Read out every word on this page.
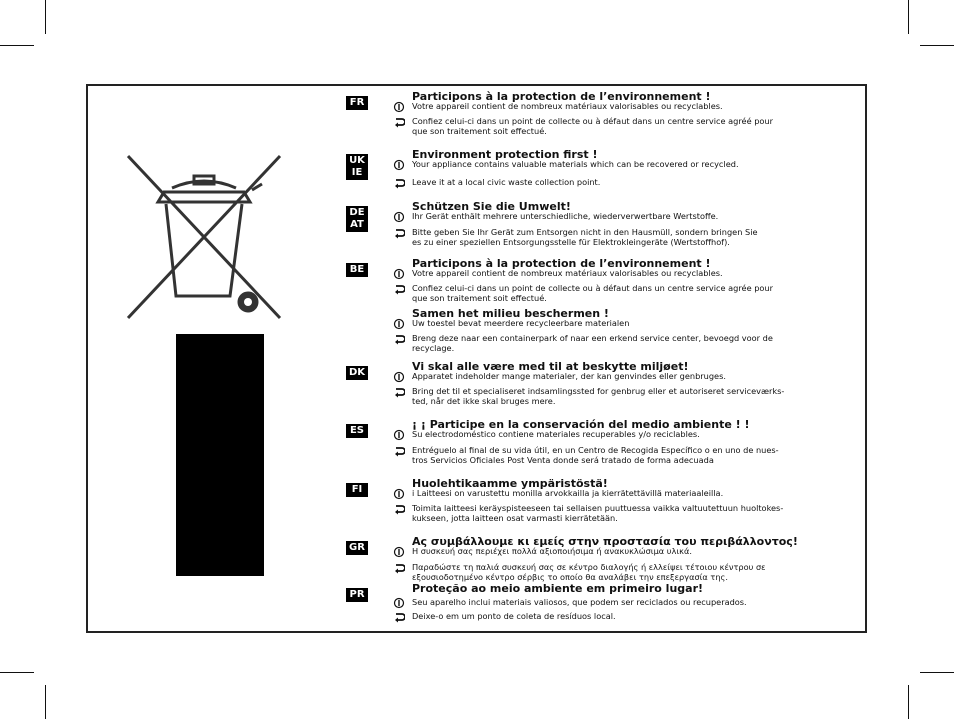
FR	Participons à la protection de l’environnement !
Votre appareil contient de nombreux matériaux valorisables ou recyclables.
Confiez celui-ci dans un point de collecte ou à défaut dans un centre service agréé pour
que son traitement soit effectué.
UK
IE
Environment protection first !
Your appliance contains valuable materials which can be recovered or recycled.
Leave it at a local civic waste collection point.
DE
AT
Schützen Sie die Umwelt!
Ihr Gerät enthält mehrere unterschiedliche, wiederverwertbare Wertstoffe.
Bitte geben Sie Ihr Gerät zum Entsorgen nicht in den Hausmüll, sondern bringen Sie
es zu einer speziellen Entsorgungsstelle für Elektrokleingeräte (Wertstoffhof).
BE	Participons à la protection de l’environnement !
Votre appareil contient de nombreux matériaux valorisables ou recyclables.
Confiez celui-ci dans un point de collecte ou à défaut dans un centre service agrée pour
que son traitement soit effectué.
Samen het milieu beschermen !
Uw toestel bevat meerdere recycleerbare materialen
Breng deze naar een containerpark of naar een erkend service center, bevoegd voor de
recyclage.
DK	Vi skal alle være med til at beskytte miljøet!
Apparatet indeholder mange materialer, der kan genvindes eller genbruges.
Bring det til et specialiseret indsamlingssted for genbrug eller et autoriseret serviceværks-
ted, når det ikke skal bruges mere.
ES	¡ ¡ Participe en la conservación del medio ambiente ! !
Su electrodoméstico contiene materiales recuperables y/o reciclables.
Entréguelo al final de su vida útil, en un Centro de Recogida Específico o en uno de nues-
tros Servicios Oficiales Post Venta donde será tratado de forma adecuada
FI	Huolehtikaamme ympäristöstä!
i Laitteesi on varustettu monilla arvokkailla ja kierrätettävillä materiaaleilla.
Toimita laitteesi keräyspisteeseen tai sellaisen puuttuessa vaikka valtuutettuun huoltokes-
kukseen, jotta laitteen osat varmasti kierrätetään.
GR	Ας συμβάλλουμε κι εμείς στην προστασία του περιβάλλοντος!
Η συσκευή σας περιέχει πολλά αξιοποιήσιμα ή ανακυκλώσιμα υλικά.
Παραδώστε τη παλιά συσκευή σας σε κέντρο διαλογής ή ελλείψει τέτοιου κέντρου σε
εξουσιοδοτημένο κέντρο σέρβις το οποίο θα αναλάβει την επεξεργασία της.
PR	Proteção ao meio ambiente em primeiro lugar!
Seu aparelho inclui materiais valiosos, que podem ser reciclados ou recuperados.
Deixe-o em um ponto de coleta de resíduos local.
